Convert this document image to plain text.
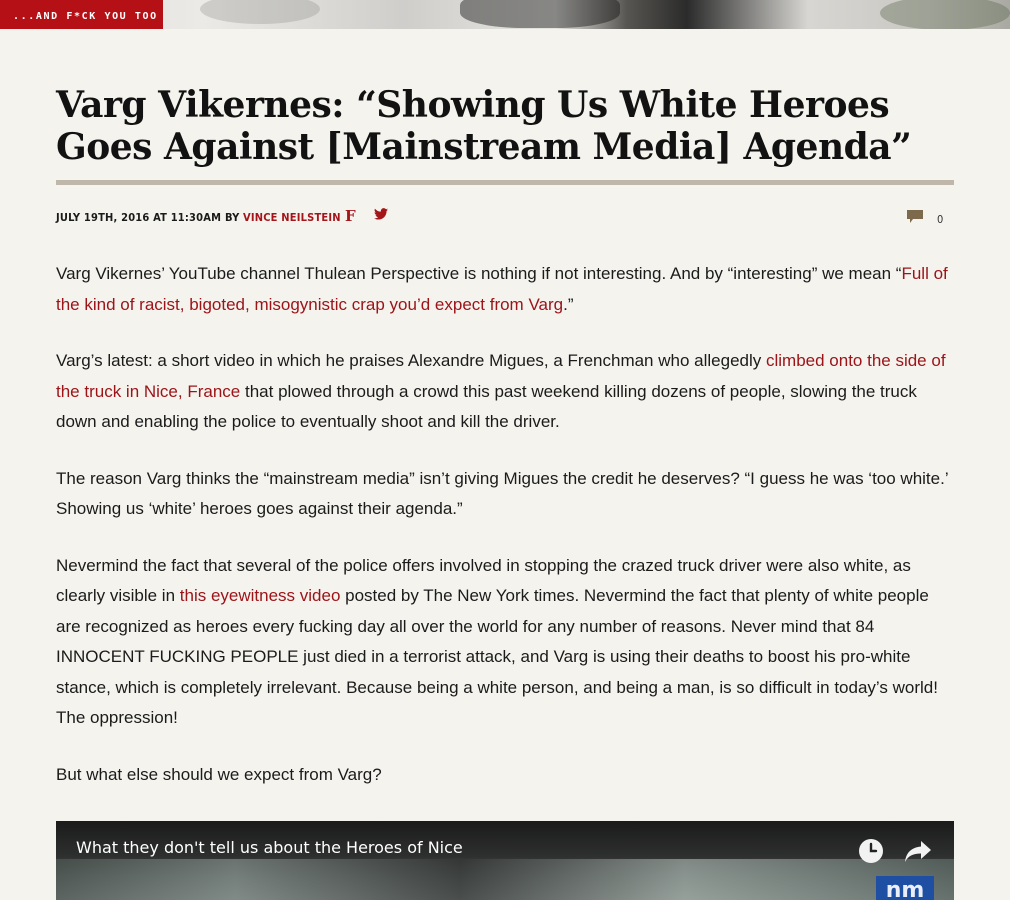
...AND F*CK YOU TOO
Varg Vikernes: “Showing Us White Heroes Goes Against [Mainstream Media] Agenda”
JULY 19TH, 2016 AT 11:30AM BY VINCE NEILSTEIN F	0

Varg Vikernes’ YouTube channel Thulean Perspective is nothing if not interesting. And by “interesting” we mean “Full of the kind of racist, bigoted, misogynistic crap you’d expect from Varg.”

Varg’s latest: a short video in which he praises Alexandre Migues, a Frenchman who allegedly climbed onto the side of the truck in Nice, France that plowed through a crowd this past weekend killing dozens of people, slowing the truck down and enabling the police to eventually shoot and kill the driver.

The reason Varg thinks the “mainstream media” isn’t giving Migues the credit he deserves? “I guess he was ‘too white.’ Showing us ‘white’ heroes goes against their agenda.”

Nevermind the fact that several of the police offers involved in stopping the crazed truck driver were also white, as clearly visible in this eyewitness video posted by The New York times. Nevermind the fact that plenty of white people are recognized as heroes every fucking day all over the world for any number of reasons. Never mind that 84 INNOCENT FUCKING PEOPLE just died in a terrorist attack, and Varg is using their deaths to boost his pro-white stance, which is completely irrelevant. Because being a white person, and being a man, is so difficult in today’s world! The oppression!

But what else should we expect from Varg?

What they don't tell us about the Heroes of Nice
nm
